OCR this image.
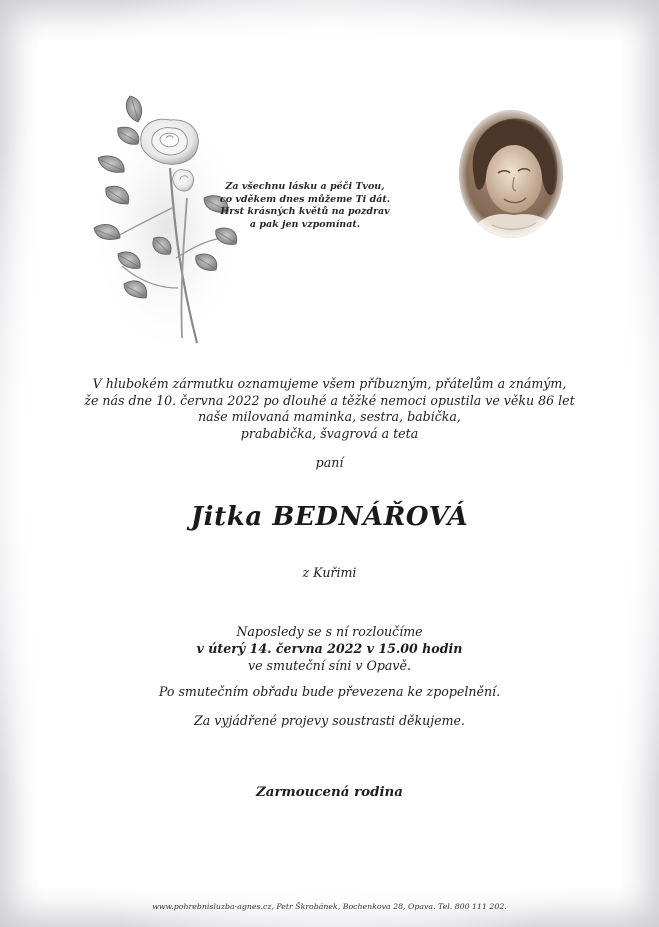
Za všechnu lásku a péči Tvou,
co vděkem dnes můžeme Ti dát.
Hrst krásných květů na pozdrav
a pak jen vzpomínat.
V hlubokém zármutku oznamujeme všem příbuzným, přátelům a známým,
že nás dne 10. června 2022 po dlouhé a těžké nemoci opustila ve věku 86 let
naše milovaná maminka, sestra, babička,
prababička, švagrová a teta
paní
Jitka BEDNÁŘOVÁ
z Kuřimi
Naposledy se s ní rozloučíme
v úterý 14. června 2022 v 15.00 hodin
ve smuteční síni v Opavě.
Po smutečním obřadu bude převezena ke zpopelnění.
Za vyjádřené projevy soustrasti děkujeme.
Zarmoucená rodina
www.pohrebnisluzba-agnes.cz, Petr Škrobánek, Bochenkova 28, Opava. Tel. 800 111 202.
